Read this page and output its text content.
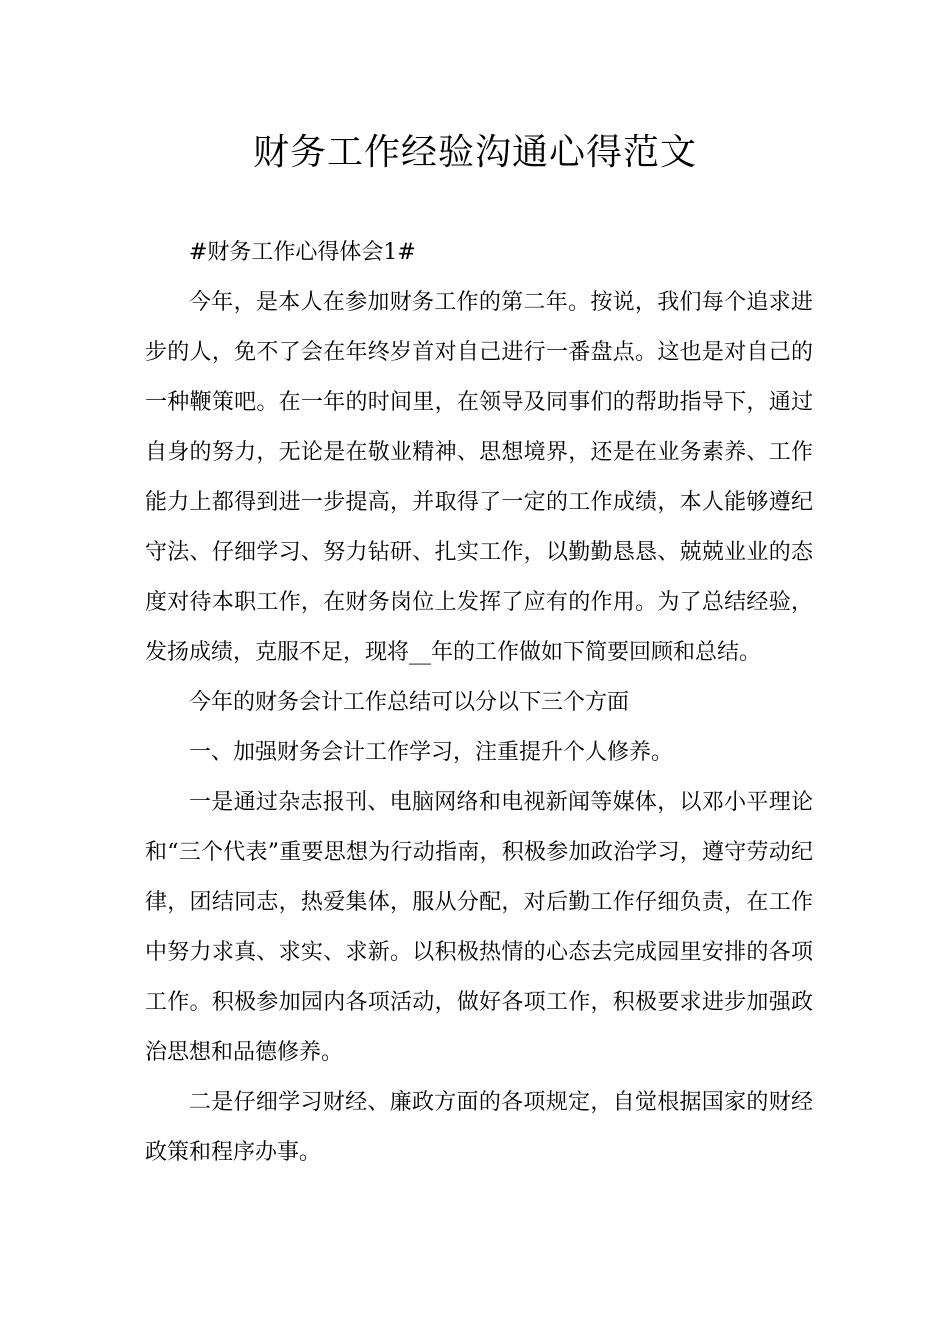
财务工作经验沟通心得范文

#财务工作心得体会1#

今年，是本人在参加财务工作的第二年。按说，我们每个追求进步的人，免不了会在年终岁首对自己进行一番盘点。这也是对自己的一种鞭策吧。在一年的时间里，在领导及同事们的帮助指导下，通过自身的努力，无论是在敬业精神、思想境界，还是在业务素养、工作能力上都得到进一步提高，并取得了一定的工作成绩，本人能够遵纪守法、仔细学习、努力钻研、扎实工作，以勤勤恳恳、兢兢业业的态度对待本职工作，在财务岗位上发挥了应有的作用。为了总结经验，发扬成绩，克服不足，现将__年的工作做如下简要回顾和总结。

今年的财务会计工作总结可以分以下三个方面

一、加强财务会计工作学习，注重提升个人修养。

一是通过杂志报刊、电脑网络和电视新闻等媒体，以邓小平理论和“三个代表”重要思想为行动指南，积极参加政治学习，遵守劳动纪律，团结同志，热爱集体，服从分配，对后勤工作仔细负责，在工作中努力求真、求实、求新。以积极热情的心态去完成园里安排的各项工作。积极参加园内各项活动，做好各项工作，积极要求进步加强政治思想和品德修养。

二是仔细学习财经、廉政方面的各项规定，自觉根据国家的财经政策和程序办事。
